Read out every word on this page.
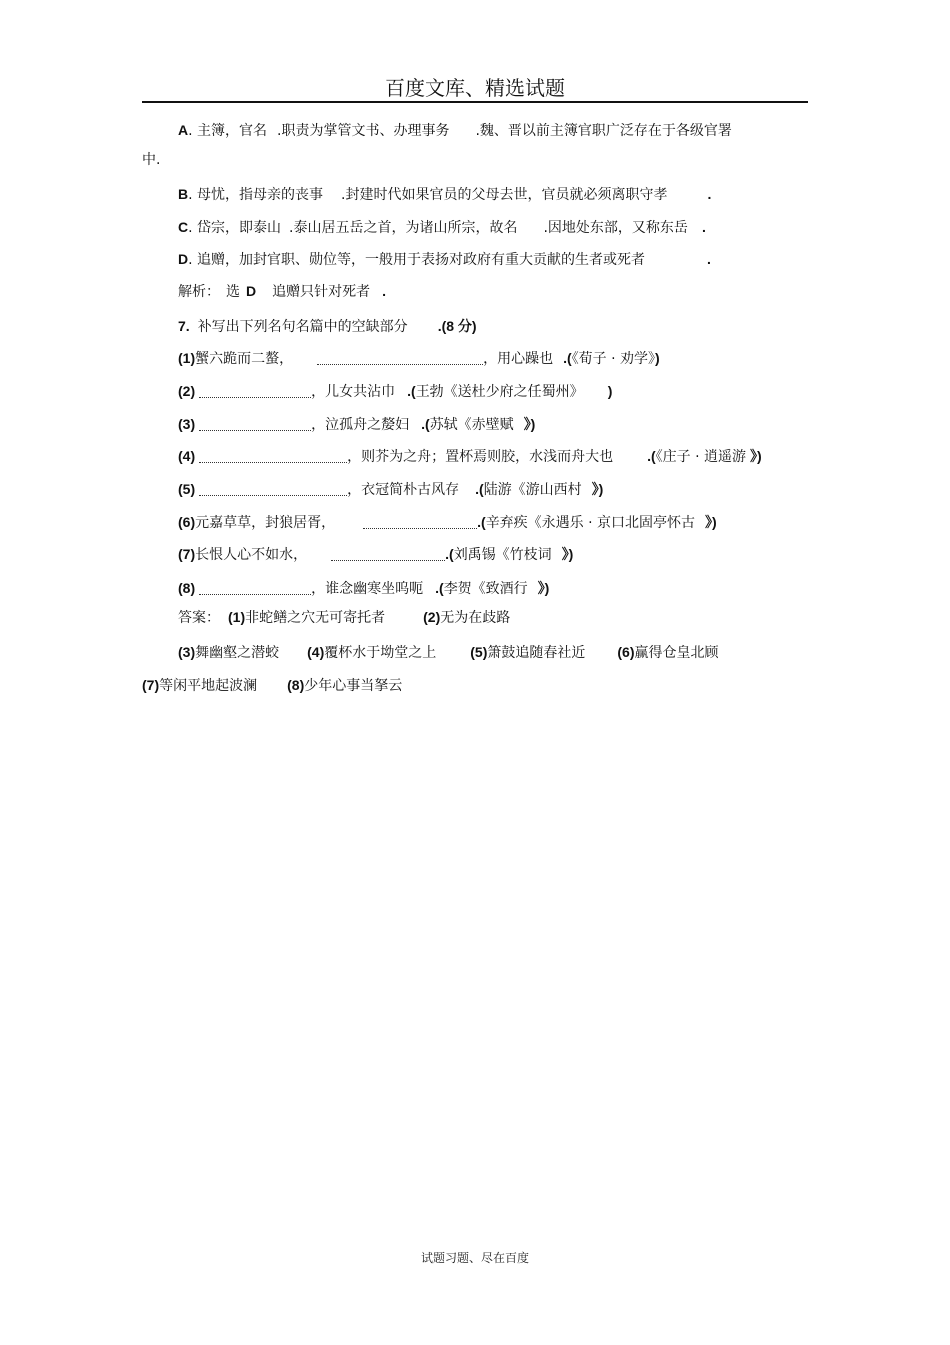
百度文库、精选试题
A. 主簿，官名 .职责为掌管文书、办理事务 .魏、晋以前主簿官职广泛存在于各级官署
中.
B. 母忧，指母亲的丧事 .封建时代如果官员的父母去世，官员就必须离职守孝	.
C. 岱宗，即泰山 .泰山居五岳之首，为诸山所宗，故名 .因地处东部，又称东岳 .
D. 追赠，加封官职、勋位等，一般用于表扬对政府有重大贡献的生者或死者	.
解析： 选 D 追赠只针对死者 .
7. 补写出下列名句名篇中的空缺部分 .(8 分)
(1)蟹六跪而二螯，	，用心躁也 .(《荀子 · 劝学》)
(2)	，儿女共沾巾 .(王勃《送杜少府之任蜀州》 )
(3)	，泣孤舟之嫠妇 .(苏轼《赤壁赋 》)
(4)	，则芥为之舟；置杯焉则胶，水浅而舟大也 .(《庄子 · 逍遥游 》)
(5)	，衣冠简朴古风存 .(陆游《游山西村 》)
(6)元嘉草草，封狼居胥，	.(辛弃疾《永遇乐 · 京口北固亭怀古 》)
(7)长恨人心不如水，	.(刘禹锡《竹枝词 》)
(8)	，谁念幽寒坐呜呃 .(李贺《致酒行 》)
答案： (1)非蛇鳝之穴无可寄托者	(2)无为在歧路
(3)舞幽壑之潜蛟 (4)覆杯水于坳堂之上 (5)箫鼓追随春社近 (6)赢得仓皇北顾
(7)等闲平地起波澜 (8)少年心事当拏云
试题习题、尽在百度
